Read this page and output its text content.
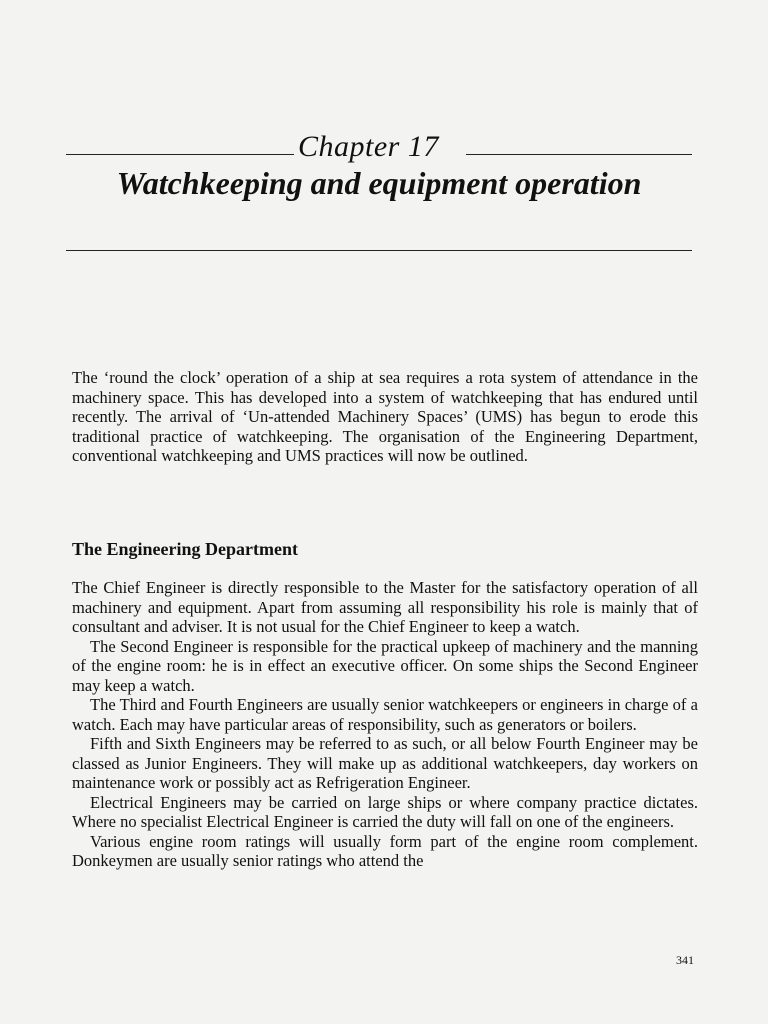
Chapter 17
Watchkeeping and equipment operation

The ‘round the clock’ operation of a ship at sea requires a rota system of attendance in the machinery space. This has developed into a system of watchkeeping that has endured until recently. The arrival of ‘Un-attended Machinery Spaces’ (UMS) has begun to erode this traditional practice of watchkeeping. The organisation of the Engineering Department, conventional watchkeeping and UMS practices will now be outlined.

The Engineering Department

The Chief Engineer is directly responsible to the Master for the satisfactory operation of all machinery and equipment. Apart from assuming all responsibility his role is mainly that of consultant and adviser. It is not usual for the Chief Engineer to keep a watch.

The Second Engineer is responsible for the practical upkeep of machinery and the manning of the engine room: he is in effect an executive officer. On some ships the Second Engineer may keep a watch.

The Third and Fourth Engineers are usually senior watchkeepers or engineers in charge of a watch. Each may have particular areas of responsibility, such as generators or boilers.

Fifth and Sixth Engineers may be referred to as such, or all below Fourth Engineer may be classed as Junior Engineers. They will make up as additional watchkeepers, day workers on maintenance work or possibly act as Refrigeration Engineer.

Electrical Engineers may be carried on large ships or where company practice dictates. Where no specialist Electrical Engineer is carried the duty will fall on one of the engineers.

Various engine room ratings will usually form part of the engine room complement. Donkeymen are usually senior ratings who attend the

341
